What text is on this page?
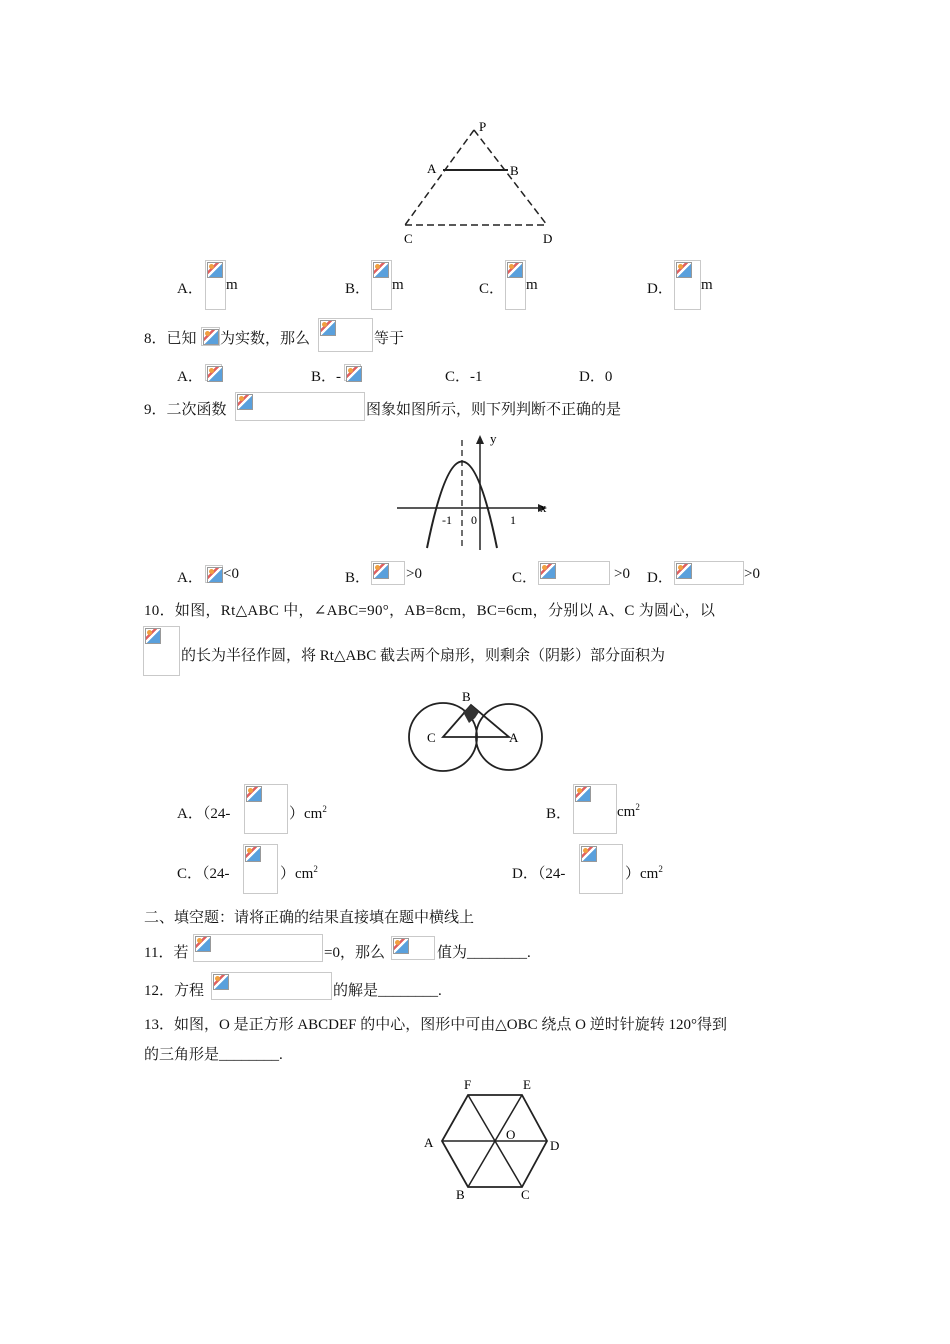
P
A	B
C	D
A． m	B． m	C． m	D． m
8．已知 为实数，那么	等于
A．	B．-	C．-1	D．0
9．二次函数	图象如图所示，则下列判断不正确的是
y
x
-1 0	1
A． <0	B． >0	C．	>0 D．	>0
10．如图，Rt△ABC 中，∠ABC=90°，AB=8cm，BC=6cm，分别以 A、C 为圆心，以
的长为半径作圆，将 Rt△ABC 截去两个扇形，则剩余（阴影）部分面积为
B
C	A
A．（24-	）$cm^2$	B．	$cm^2$
C．（24-	）$cm^2$	D．（24-	）$cm^2$
二、填空题：请将正确的结果直接填在题中横线上
11．若	=0，那么	值为________.
12．方程	的解是________.
13．如图，O 是正方形 ABCDEF 的中心，图形中可由△OBC 绕点 O 逆时针旋转 120°得到
的三角形是________.
F	E
A
O
D
B	C
